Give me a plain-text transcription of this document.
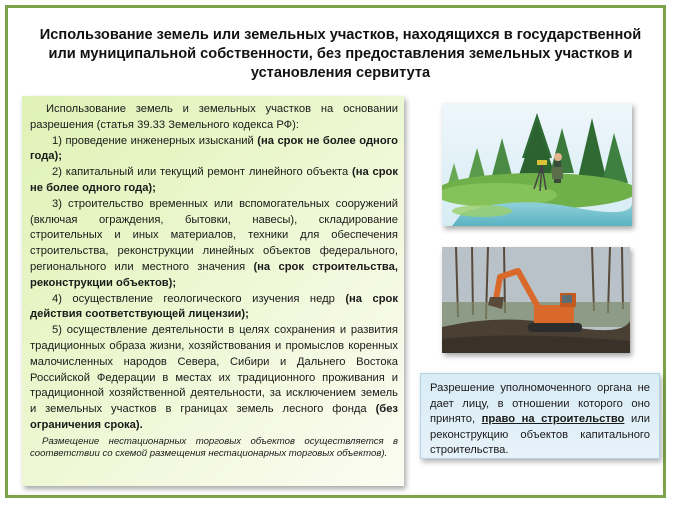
Использование земель или земельных участков, находящихся в государственной или муниципальной собственности, без предоставления земельных участков и установления сервитута

Использование земель и земельных участков на основании разрешения (статья 39.33 Земельного кодекса РФ):

1) проведение инженерных изысканий (на срок не более одного года);

2) капитальный или текущий ремонт линейного объекта (на срок не более одного года);

3) строительство временных или вспомогательных сооружений (включая ограждения, бытовки, навесы), складирование строительных и иных материалов, техники для обеспечения строительства, реконструкции линейных объектов федерального, регионального или местного значения (на срок строительства, реконструкции объектов);

4) осуществление геологического изучения недр (на срок действия соответствующей лицензии);

5) осуществление деятельности в целях сохранения и развития традиционных образа жизни, хозяйствования и промыслов коренных малочисленных народов Севера, Сибири и Дальнего Востока Российской Федерации в местах их традиционного проживания и традиционной хозяйственной деятельности, за исключением земель и земельных участков в границах земель лесного фонда (без ограничения срока).

Размещение нестационарных торговых объектов осуществляется в соответствии со схемой размещения нестационарных торговых объектов).

Разрешение уполномоченного органа не дает лицу, в отношении которого оно принято, право на строительство или реконструкцию объектов капитального строительства.
